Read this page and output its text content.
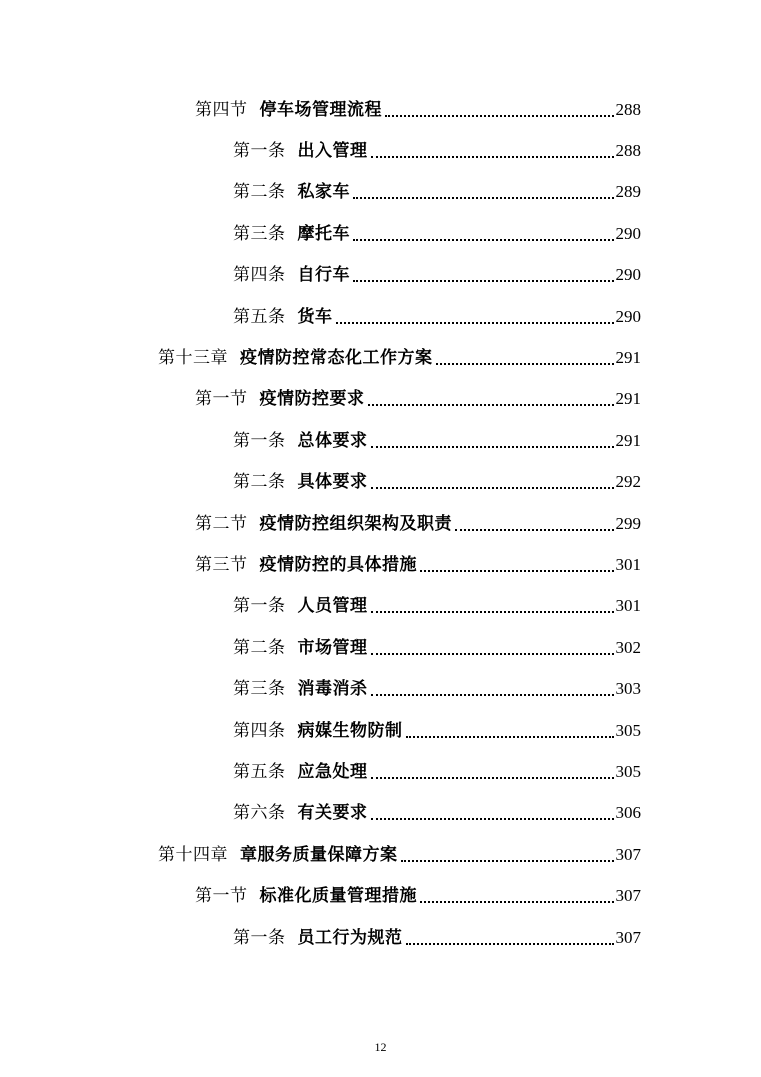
第四节 停车场管理流程	288
第一条 出入管理	288
第二条 私家车	289
第三条 摩托车	290
第四条 自行车	290
第五条 货车	290
第十三章 疫情防控常态化工作方案	291
第一节 疫情防控要求	291
第一条 总体要求	291
第二条 具体要求	292
第二节 疫情防控组织架构及职责	299
第三节 疫情防控的具体措施	301
第一条 人员管理	301
第二条 市场管理	302
第三条 消毒消杀	303
第四条 病媒生物防制	305
第五条 应急处理	305
第六条 有关要求	306
第十四章 章服务质量保障方案	307
第一节 标准化质量管理措施	307
第一条 员工行为规范	307
12
